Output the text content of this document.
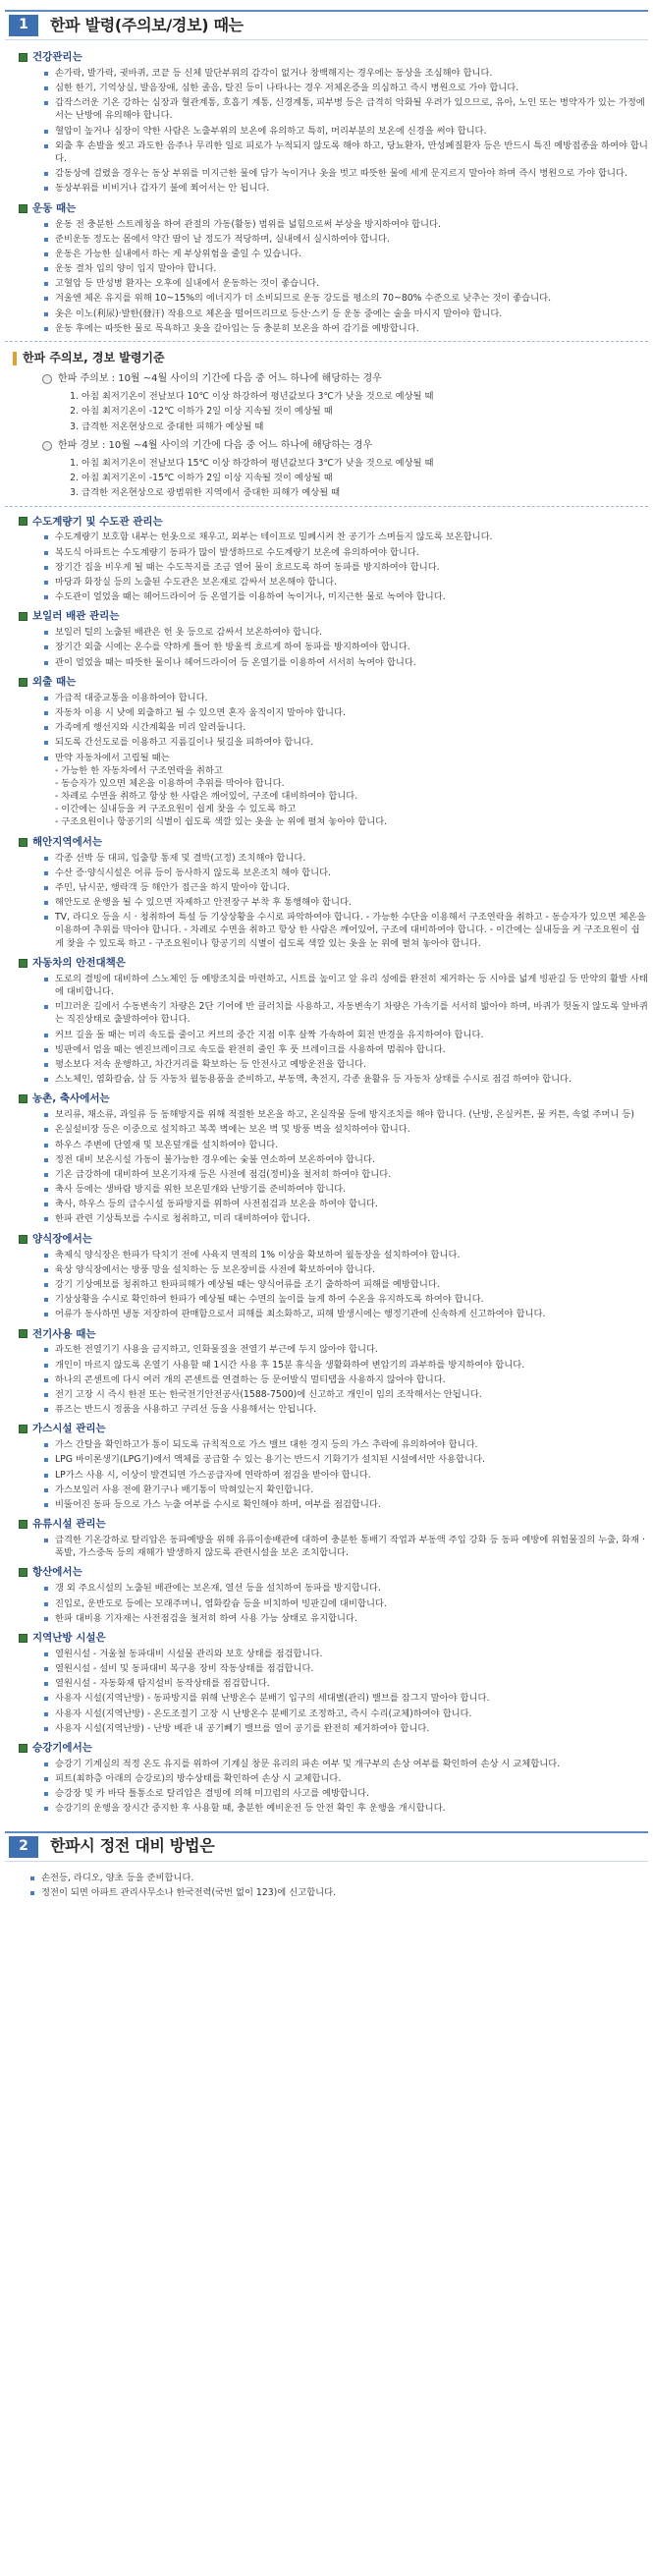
1	한파 발령(주의보/경보) 때는
건강관리는
손가락, 발가락, 귓바퀴, 코끝 등 신체 말단부위의 감각이 없거나 창백해지는 경우에는 동상을 조심해야 합니다.
심한 한기, 기억상실, 발음장애, 심한 졸음, 탈진 등이 나타나는 경우 저체온증을 의심하고 즉시 병원으로 가야 합니다.
갑작스러운 기온 강하는 심장과 혈관계통, 호흡기 계통, 신경계통, 피부병 등은 급격히 악화될 우려가 있으므로, 유아, 노인 또는 병약자가 있는 가정에서는 난방에 유의해야 합니다.
혈압이 높거나 심장이 약한 사람은 노출부위의 보온에 유의하고 특히, 머리부분의 보온에 신경을 써야 합니다.
외출 후 손발을 씻고 과도한 음주나 무리한 일로 피로가 누적되지 않도록 해야 하고, 당뇨환자, 만성폐질환자 등은 반드시 특진 예방접종을 하여야 합니다.
감동상에 걸렸을 경우는 동상 부위를 미지근한 물에 담가 녹이거나 옷을 벗고 따뜻한 물에 세게 문지르지 말아야 하며 즉시 병원으로 가야 합니다.
동상부위를 비비거나 갑자기 불에 쬐어서는 안 됩니다.
운동 때는
운동 전 충분한 스트레칭을 하여 관절의 가동(활동) 범위를 넓힘으로써 부상을 방지하여야 합니다.
준비운동 정도는 몸에서 약간 땀이 날 정도가 적당하며, 실내에서 실시하여야 합니다.
운동은 가능한 실내에서 하는 게 부상위험을 줄일 수 있습니다.
운동 결차 입의 양이 입지 말아야 합니다.
고혈압 등 만성병 환자는 오후에 실내에서 운동하는 것이 좋습니다.
겨울엔 체온 유지를 위해 10~15%의 에너지가 더 소비되므로 운동 강도를 평소의 70~80% 수준으로 낮추는 것이 좋습니다.
옷은 이노(利尿)·발한(發汗) 작용으로 체온을 떨어뜨리므로 등산·스키 등 운동 중에는 술을 마시지 말아야 합니다.
운동 후에는 따뜻한 물로 목욕하고 옷을 갈아입는 등 충분히 보온을 하여 감기를 예방합니다.
한파 주의보, 경보 발령기준
한파 주의보 : 10월 ~4월 사이의 기간에 다음 중 어느 하나에 해당하는 경우
1. 아침 최저기온이 전날보다 10℃ 이상 하강하여 평년값보다 3℃가 낮을 것으로 예상될 때
2. 아침 최저기온이 -12℃ 이하가 2일 이상 지속될 것이 예상될 때
3. 급격한 저온현상으로 중대한 피해가 예상될 때
한파 경보 : 10월 ~4월 사이의 기간에 다음 중 어느 하나에 해당하는 경우
1. 아침 최저기온이 전날보다 15℃ 이상 하강하여 평년값보다 3℃가 낮을 것으로 예상될 때
2. 아침 최저기온이 -15℃ 이하가 2일 이상 지속될 것이 예상될 때
3. 급격한 저온현상으로 광범위한 지역에서 중대한 피해가 예상될 때
수도계량기 및 수도관 관리는
수도계량기 보호함 내부는 헌옷으로 채우고, 외부는 테이프로 밀폐시켜 찬 공기가 스며들지 않도록 보온합니다.
복도식 아파트는 수도계량기 동파가 많이 발생하므로 수도계량기 보온에 유의하여야 합니다.
장기간 집을 비우게 될 때는 수도꼭지를 조금 열어 물이 흐르도록 하여 동파를 방지하여야 합니다.
마당과 화장실 등의 노출된 수도관은 보온재로 감싸서 보온해야 합니다.
수도관이 얼었을 때는 헤어드라이어 등 온열기를 이용하여 녹이거나, 미지근한 물로 녹여야 합니다.
보일러 배관 관리는
보일러 털의 노출된 배관은 헌 옷 등으로 감싸서 보온하여야 합니다.
장기간 외출 시에는 온수를 약하게 틀어 한 방울씩 흐르게 하여 동파를 방지하여야 합니다.
관이 얼었을 때는 따뜻한 물이나 헤어드라이어 등 온열기를 이용하여 서서히 녹여야 합니다.
외출 때는
가급적 대중교통을 이용하여야 합니다.
자동차 이용 시 낮에 외출하고 될 수 있으면 혼자 움직이지 말아야 합니다.
가족에게 행선지와 시간계획을 미리 알려둡니다.
되도록 간선도로를 이용하고 지름길이나 뒷길을 피하여야 합니다.
만약 자동차에서 고립될 때는
- 가능한 한 자동차에서 구조연락을 취하고
- 동승자가 있으면 체온을 이용하여 추위를 막아야 합니다.
- 차례로 수면을 취하고 항상 한 사람은 깨어있어, 구조에 대비하여야 합니다.
- 이간에는 실내등을 켜 구조요원이 쉽게 찾을 수 있도록 하고
- 구조요원이나 항공기의 식별이 쉽도록 색깔 있는 옷을 눈 위에 펼쳐 놓아야 합니다.
해안지역에서는
각종 선박 등 대피, 입출항 통제 및 결박(고정) 조치해야 합니다.
수산 증·양식시설은 어류 등이 동사하지 않도록 보온조치 해야 합니다.
주민, 낚시꾼, 행락객 등 해안가 접근을 하지 말아야 합니다.
해안도로 운행을 될 수 있으면 자제하고 안전장구 부착 후 통행해야 합니다.
TV, 라디오 등을 시 · 청취하여 특설 등 기상상황을 수시로 파악하여야 합니다. - 가능한 수단을 이용해서 구조연락을 취하고 - 동승자가 있으면 체온을 이용하여 추위를 막아야 합니다. - 차례로 수면을 취하고 항상 한 사람은 깨어있어, 구조에 대비하여야 합니다. - 이간에는 실내등을 켜 구조요원이 쉽게 찾을 수 있도록 하고 - 구조요원이나 항공기의 식별이 쉽도록 색깔 있는 옷을 눈 위에 펼쳐 놓아야 합니다.
자동차의 안전대책은
도로의 결빙에 대비하여 스노체인 등 예방조치를 마련하고, 시트를 높이고 앞 유리 성에를 완전히 제거하는 등 시야를 넓게 빙판길 등 만약의 활발 사태에 대비합니다.
미끄러운 길에서 수동변속기 차량은 2단 기어에 반 클러치를 사용하고, 자동변속기 차량은 가속기를 서서히 밟아야 하며, 바퀴가 헛돌지 않도록 앞바퀴는 직진상태로 출발하여야 합니다.
커브 길을 돌 때는 미리 속도를 줄이고 커브의 중간 지점 이후 살짝 가속하여 회전 반경을 유지하여야 합니다.
빙판에서 엄을 때는 엔진브레이크로 속도를 완전히 줄인 후 풋 브레이크를 사용하여 멈춰야 합니다.
평소보다 저속 운행하고, 차간거리를 확보하는 등 안전사고 예방운전을 합니다.
스노체인, 염화칼슘, 삽 등 자동차 월동용품을 준비하고, 부동액, 축전지, 각종 윤활유 등 자동차 상태를 수시로 점검 하여야 합니다.
농촌, 축사에서는
보리류, 채소류, 과일류 등 동해방지를 위해 적절한 보온을 하고, 온실작물 등에 방지조치를 해야 합니다. (난방, 온실커튼, 물 커튼, 속없 주머니 등)
온실설비장 등은 이중으로 설치하고 복쪽 벽에는 보온 벽 및 방풍 벽을 설치하여야 합니다.
하우스 주변에 단열재 및 보온덮개를 설치하여야 합니다.
정전 대비 보온시설 가동이 불가능한 경우에는 숯불 연소하여 보온하여야 합니다.
기온 급강하에 대비하여 보온기자재 등은 사전에 점검(정비)을 철저히 하여야 합니다.
축사 등에는 생바람 방지를 위한 보온밑개와 난방기를 준비하여야 합니다.
축사, 하우스 등의 급수시설 동파방지를 위하여 사전점검과 보온을 하여야 합니다.
한파 관련 기상특보를 수시로 청취하고, 미리 대비하여야 합니다.
양식장에서는
축제식 양식장은 한파가 닥치기 전에 사육지 면적의 1% 이상을 확보하여 월동장을 설치하여야 합니다.
육상 양식장에서는 방풍 망을 설치하는 등 보온장비를 사전에 확보하여야 합니다.
강기 기상예보를 청취하고 한파피해가 예상될 때는 양식어류를 조기 출하하여 피해를 예방합니다.
기상상황을 수시로 확인하여 한파가 예상될 때는 수면의 높이를 늘게 하여 수온을 유지하도록 하여야 합니다.
어류가 동사하면 냉동 저장하여 판매함으로서 피해를 최소화하고, 피해 발생시에는 행정기관에 신속하게 신고하여야 합니다.
전기사용 때는
과도한 전열기기 사용을 금지하고, 인화물질을 전열기 부근에 두지 않아야 합니다.
개인이 마르지 않도록 온열기 사용할 때 1시간 사용 후 15분 휴식을 생활화하여 변압기의 과부하를 방지하여야 합니다.
하나의 콘센트에 다시 여러 개의 콘센트를 연결하는 등 문어발식 멀티탭을 사용하지 않아야 합니다.
전기 고장 시 즉시 한전 또는 한국전기안전공사(1588-7500)에 신고하고 개인이 임의 조작해서는 안됩니다.
퓨즈는 반드시 정품을 사용하고 구리선 등을 사용해서는 안됩니다.
가스시설 관리는
가스 간탈을 확인하고가 통이 되도록 규칙적으로 가스 밸브 대한 경지 등의 가스 추락에 유의하여야 합니다.
LPG 바이론생기(LPG기)에서 액체를 공급할 수 있는 용기는 반드시 기화기가 설치된 시설에서만 사용합니다.
LP가스 사용 시, 이상이 발견되면 가스공급자에 연락하여 점검을 받아야 합니다.
가스보일러 사용 전에 환기구나 배기통이 막혀있는지 확인합니다.
비뚤어진 동파 등으로 가스 누출 여부를 수시로 확인해야 하며, 여부를 점검합니다.
유류시설 관리는
급격한 기온강하로 탈리압은 동파예방을 위해 유류이송배관에 대하여 충분한 통배기 작업과 부동액 주입 강화 등 동파 예방에 위험물질의 누출, 화재 · 폭발, 가스중독 등의 재해가 발생하지 않도록 관련시설을 보온 조치합니다.
항산에서는
갱 외 주요시설의 노출된 배관에는 보온재, 열선 등을 설치하여 동파를 방지합니다.
진입로, 운반도로 등에는 모래주머니, 염화칼슘 등을 비치하여 빙판길에 대비합니다.
한파 대비용 기자재는 사전점검을 철저히 하여 사용 가능 상태로 유지합니다.
지역난방 시설은
열원시설 - 겨울철 동파대비 시설물 관리와 보호 상태를 점검합니다.
열원시설 - 설비 및 동파대비 복구용 장비 작동상태를 점검합니다.
열원시설 - 자동화재 탐지설비 동작상태를 점검합니다.
사용자 시설(지역난방) - 동파방지를 위해 난방온수 분배기 입구의 세대별(관리) 밸브를 잠그지 말아야 합니다.
사용자 시설(지역난방) - 온도조절기 고장 시 난방온수 분배기로 조정하고, 즉시 수리(교체)하여야 합니다.
사용자 시설(지역난방) - 난방 배관 내 공기빼기 밸브를 열어 공기를 완전히 제거하여야 합니다.
승강기에서는
승강기 기계실의 적정 온도 유지를 위하여 기계실 창문 유리의 파손 여부 및 개구부의 손상 여부를 확인하여 손상 시 교체합니다.
피트(최하층 아래의 승강로)의 방수상태를 확인하여 손상 시 교체합니다.
승강장 및 카 바닥 틀통소로 탈리압은 결빙에 의해 미끄럼의 사고를 예방합니다.
승강기의 운행을 장시간 중지한 후 사용할 때, 충분한 예비운전 등 안전 확인 후 운행을 개시합니다.
2	한파시 정전 대비 방법은
손전등, 라디오, 양초 등을 준비합니다.
정전이 되면 아파트 관리사무소나 한국전력(국번 없이 123)에 신고합니다.
